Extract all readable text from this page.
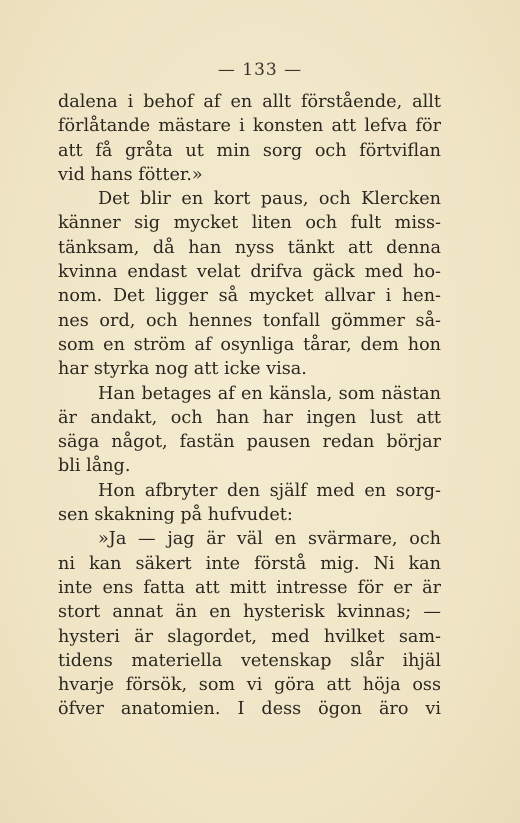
— 133 —
dalena i behof af en allt förstående, allt
förlåtande mästare i konsten att lefva för
att få gråta ut min sorg och förtviflan
vid hans fötter.»
Det blir en kort paus, och Klercken
känner sig mycket liten och fult miss-
tänksam, då han nyss tänkt att denna
kvinna endast velat drifva gäck med ho-
nom. Det ligger så mycket allvar i hen-
nes ord, och hennes tonfall gömmer så-
som en ström af osynliga tårar, dem hon
har styrka nog att icke visa.
Han betages af en känsla, som nästan
är andakt, och han har ingen lust att
säga något, fastän pausen redan börjar
bli lång.
Hon afbryter den själf med en sorg-
sen skakning på hufvudet:
»Ja — jag är väl en svärmare, och
ni kan säkert inte förstå mig. Ni kan
inte ens fatta att mitt intresse för er är
stort annat än en hysterisk kvinnas; —
hysteri är slagordet, med hvilket sam-
tidens materiella vetenskap slår ihjäl
hvarje försök, som vi göra att höja oss
öfver anatomien. I dess ögon äro vi
